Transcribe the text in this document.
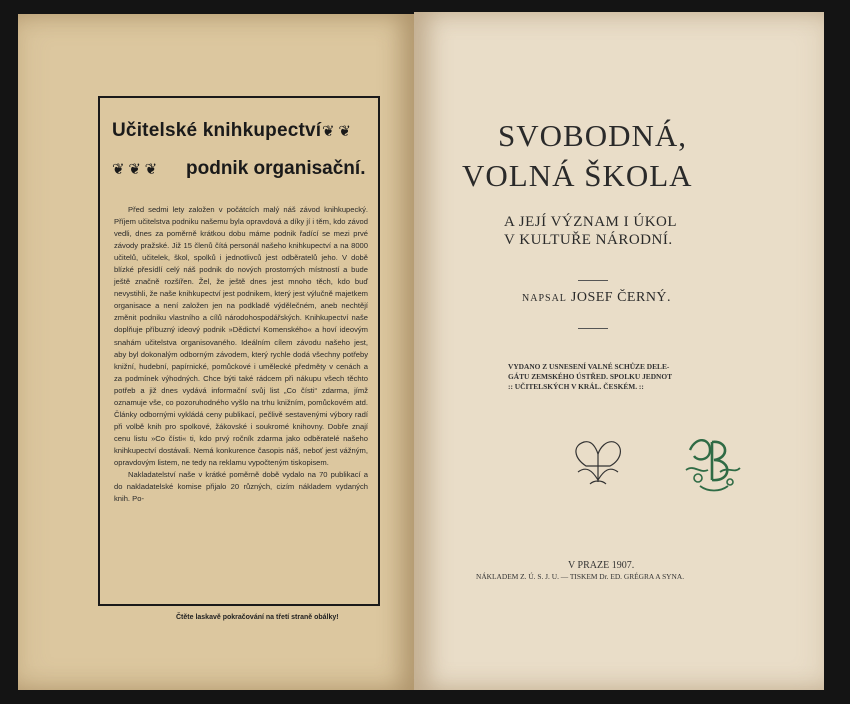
Učitelské knihkupectví ❦ ❦
❦ ❦ ❦ podnik organisační.

Před sedmi lety založen v počátcích malý náš závod knihkupecký. Příjem učitelstva podniku našemu byla opravdová a díky jí i těm, kdo závod vedli, dnes za poměrně krátkou dobu máme podnik řadící se mezi prvé závody pražské. Již 15 členů čítá personál našeho knihkupectví a na 8000 učitelů, učitelek, škol, spolků i jednotlivců jest odběratelů jeho. V době blízké přesídlí celý náš podnik do nových prostorných místností a bude ještě značně rozšířen. Žel, že ještě dnes jest mnoho těch, kdo buď nevystihli, že naše knihkupectví jest podnikem, který jest výlučně majetkem organisace a není založen jen na podkladě výdělečném, aneb nechtějí změnit podniku vlastního a cílů národohospodářských. Knihkupectví naše doplňuje příbuzný ideový podnik »Dědictví Komenského« a hoví ideovým snahám učitelstva organisovaného. Ideálním cílem závodu našeho jest, aby byl dokonalým odborným závodem, který rychle dodá všechny potřeby knižní, hudební, papírnické, pomůckové i umělecké předměty v cenách a za podmínek výhodných. Chce býti také rádcem při nákupu všech těchto potřeb a již dnes vydává informační svůj list „Co čísti“ zdarma, jímž oznamuje vše, co pozoruhodného vyšlo na trhu knižním, pomůckovém atd. Články odbornými vykládá ceny publikací, pečlivě sestavenými výbory radí při volbě knih pro spolkové, žákovské i soukromé knihovny. Dobře znají cenu listu »Co čísti« ti, kdo prvý ročník zdarma jako odběratelé našeho knihkupectví dostávali. Nemá konkurence časopis náš, neboť jest vážným, opravdovým listem, ne tedy na reklamu vypočteným tiskopisem.

Nakladatelství naše v krátké poměrně době vydalo na 70 publikací a do nakladatelské komise přijalo 20 různých, cizím nákladem vydaných knih. Po-

Čtěte laskavě pokračování na třetí straně obálky!
SVOBODNÁ,
VOLNÁ ŠKOLA
A JEJÍ VÝZNAM I ÚKOL
V KULTUŘE NÁRODNÍ.
NAPSAL JOSEF ČERNÝ.
VYDANO Z USNESENÍ VALNÉ SCHŮZE DELE-
GÁTU ZEMSKÉHO ÚSTŘED. SPOLKU JEDNOT
:: UČITELSKÝCH V KRÁL. ČESKÉM. ::
V PRAZE 1907.
NÁKLADEM Z. Ú. S. J. U. — TISKEM Dr. ED. GRÉGRA A SYNA.
